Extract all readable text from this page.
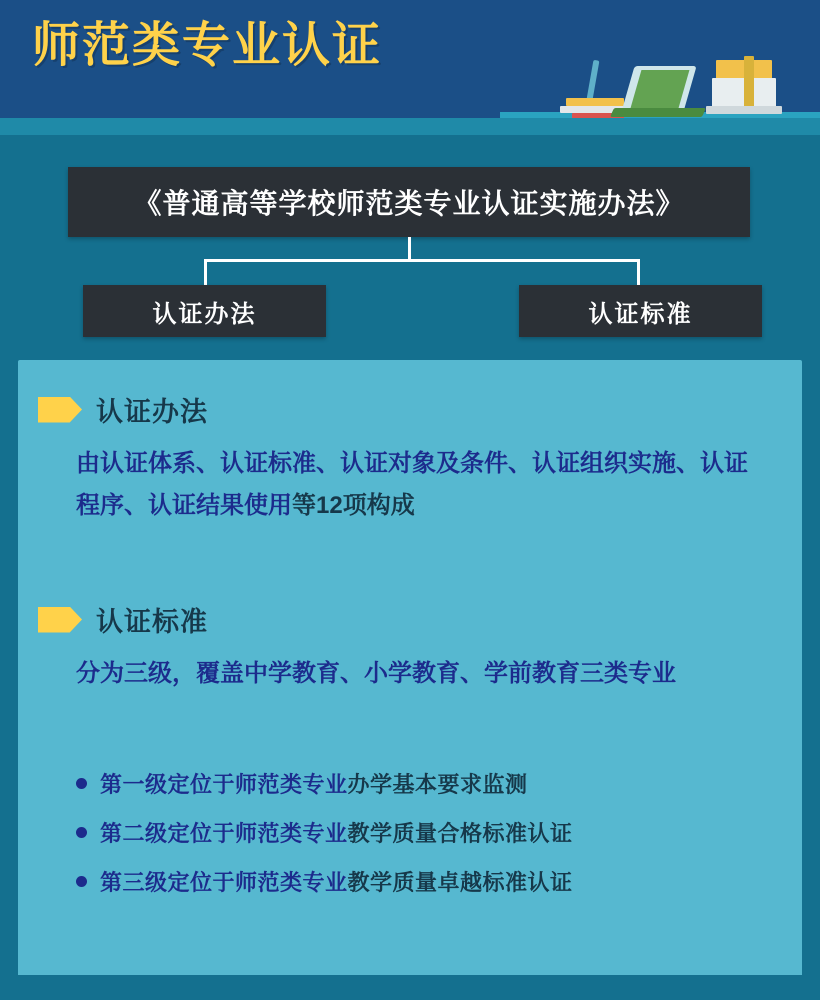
师范类专业认证
《普通高等学校师范类专业认证实施办法》
认证办法	认证标准
认证办法
由认证体系、认证标准、认证对象及条件、认证组织实施、认证程序、认证结果使用等12项构成
认证标准
分为三级，覆盖中学教育、小学教育、学前教育三类专业
第一级定位于师范类专业办学基本要求监测
第二级定位于师范类专业教学质量合格标准认证
第三级定位于师范类专业教学质量卓越标准认证
